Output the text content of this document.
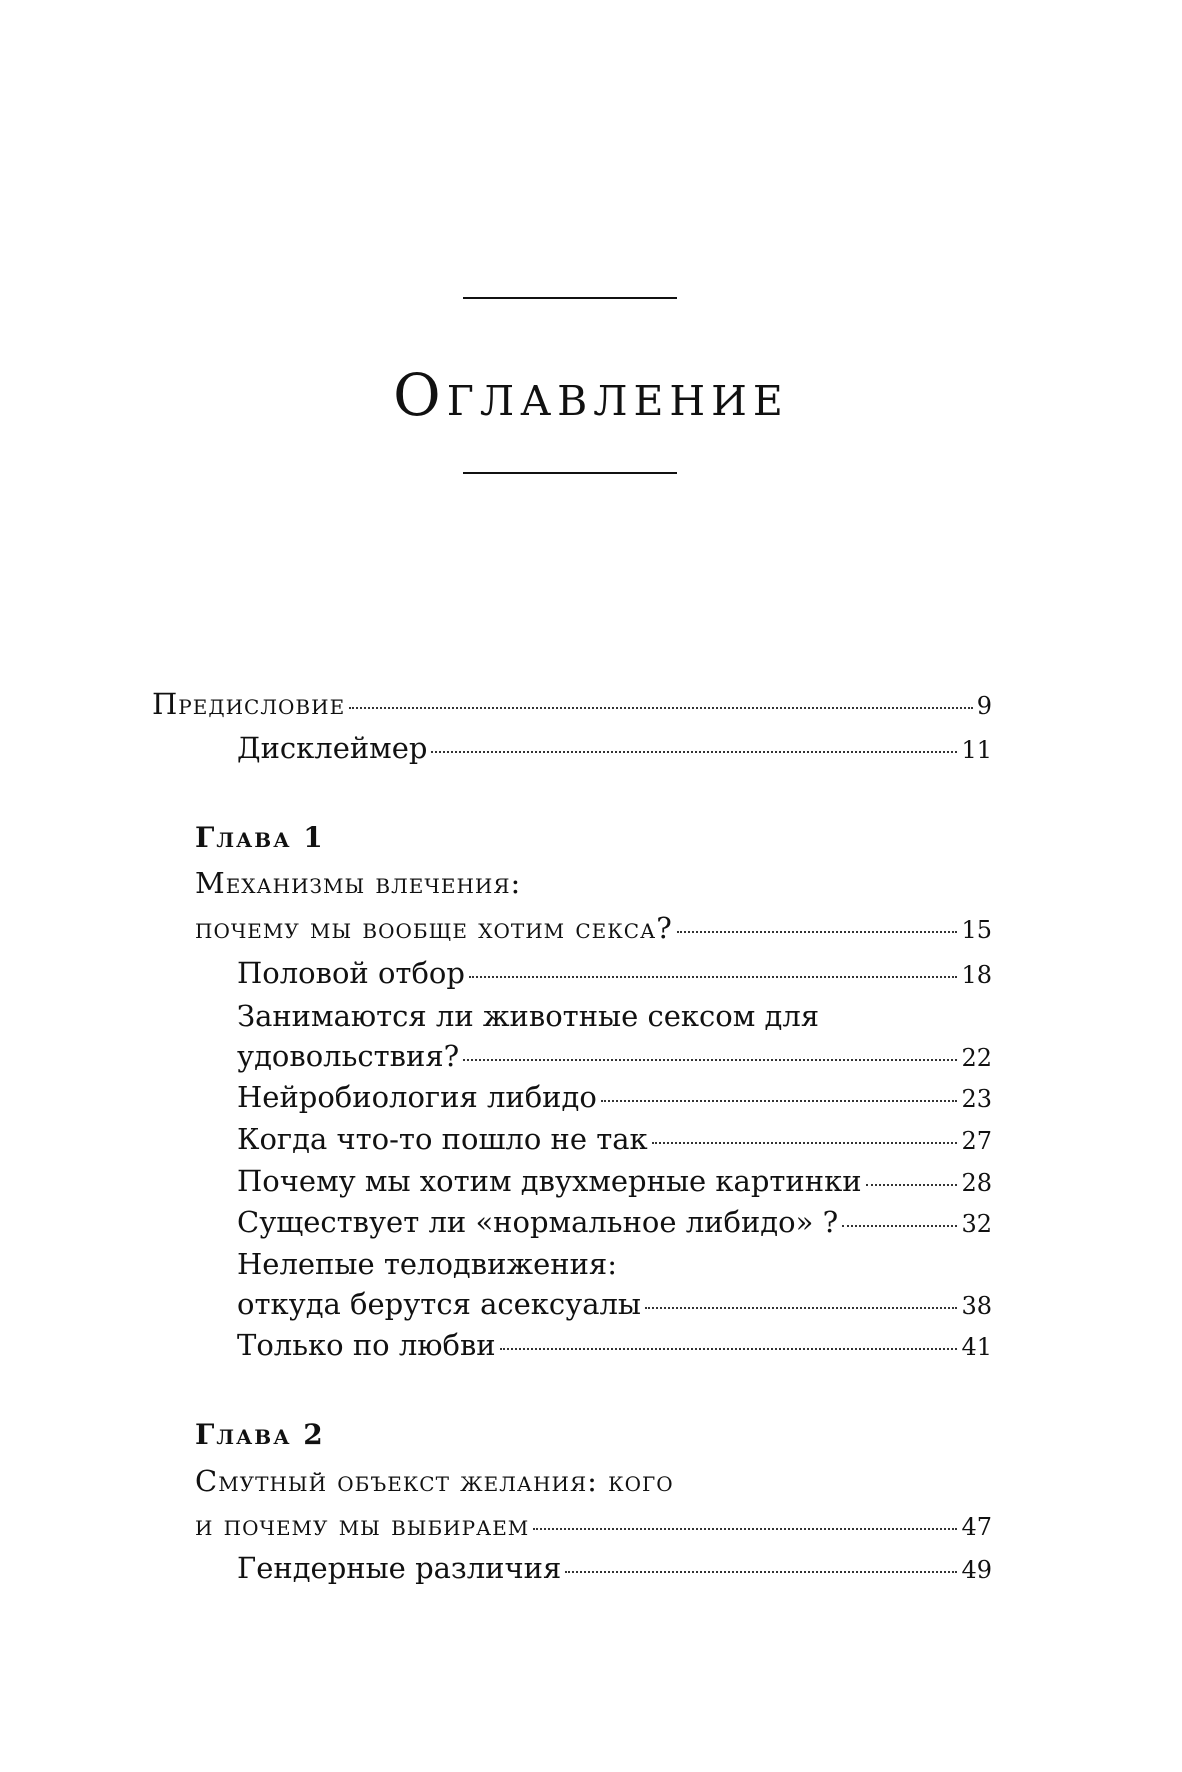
Оглавление
Предисловие	9
Дисклеймер	11
Глава 1
Механизмы влечения:
почему мы вообще хотим секса?	15
Половой отбор	18
Занимаются ли животные сексом для
удовольствия?	22
Нейробиология либидо	23
Когда что-то пошло не так	27
Почему мы хотим двухмерные картинки	28
Существует ли «нормальное либидо» ?	32
Нелепые телодвижения:
откуда берутся асексуалы	38
Только по любви	41
Глава 2
Смутный объекст желания: кого
и почему мы выбираем	47
Гендерные различия	49
